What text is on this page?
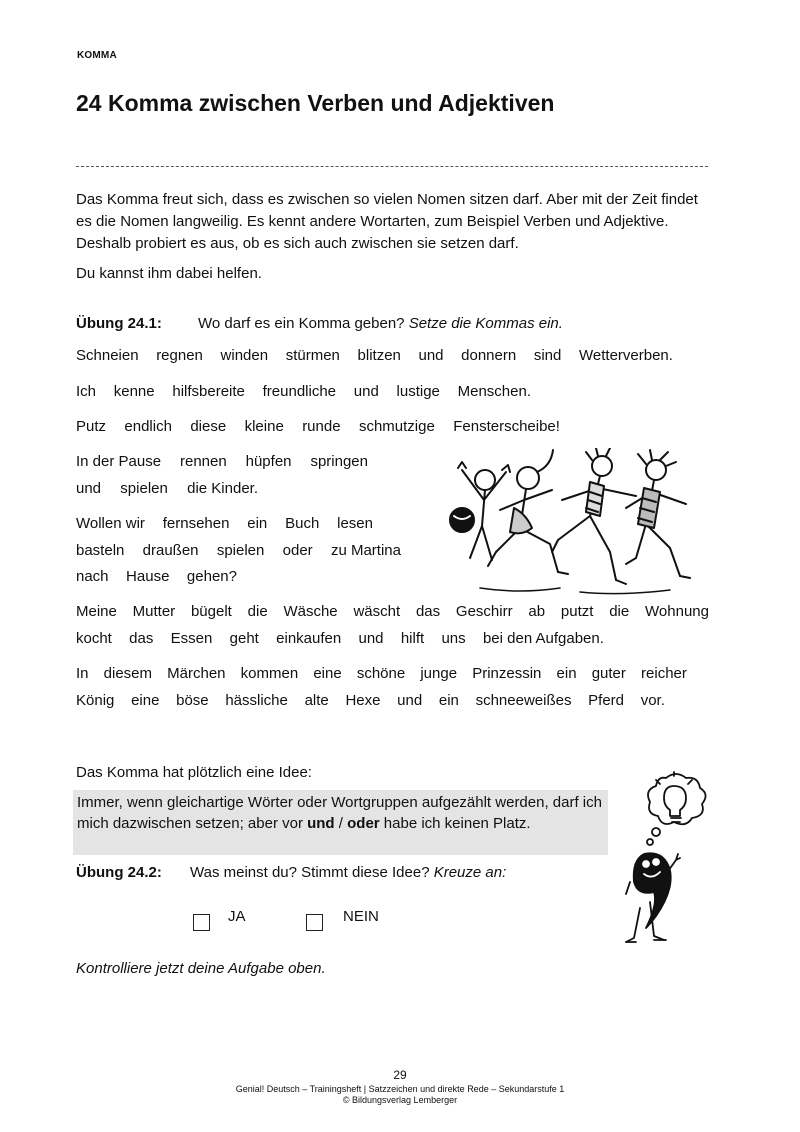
KOMMA
24 Komma zwischen Verben und Adjektiven

Das Komma freut sich, dass es zwischen so vielen Nomen sitzen darf. Aber mit der Zeit findet es die Nomen langweilig. Es kennt andere Wortarten, zum Beispiel Verben und Adjektive. Deshalb probiert es aus, ob es sich auch zwischen sie setzen darf.

Du kannst ihm dabei helfen.

Übung 24.1: Wo darf es ein Komma geben? Setze die Kommas ein.
Schneien regnen winden stürmen blitzen und donnern sind Wetterverben.
Ich kenne hilfsbereite freundliche und lustige Menschen.
Putz endlich diese kleine runde schmutzige Fensterscheibe!
In der Pause rennen hüpfen springen
und spielen die Kinder.
Wollen wir fernsehen ein Buch lesen
basteln draußen spielen oder zu Martina
nach Hause gehen?
Meine Mutter bügelt die Wäsche wäscht das Geschirr ab putzt die Wohnung
kocht das Essen geht einkaufen und hilft uns bei den Aufgaben.
In diesem Märchen kommen eine schöne junge Prinzessin ein guter reicher
König eine böse hässliche alte Hexe und ein schneeweißes Pferd vor.
Das Komma hat plötzlich eine Idee:
Immer, wenn gleichartige Wörter oder Wortgruppen aufgezählt werden, darf ich mich dazwischen setzen; aber vor und / oder habe ich keinen Platz.
Übung 24.2: Was meinst du? Stimmt diese Idee? Kreuze an:
JA	NEIN
Kontrolliere jetzt deine Aufgabe oben.
29
Genial! Deutsch – Trainingsheft | Satzzeichen und direkte Rede – Sekundarstufe 1
© Bildungsverlag Lemberger
